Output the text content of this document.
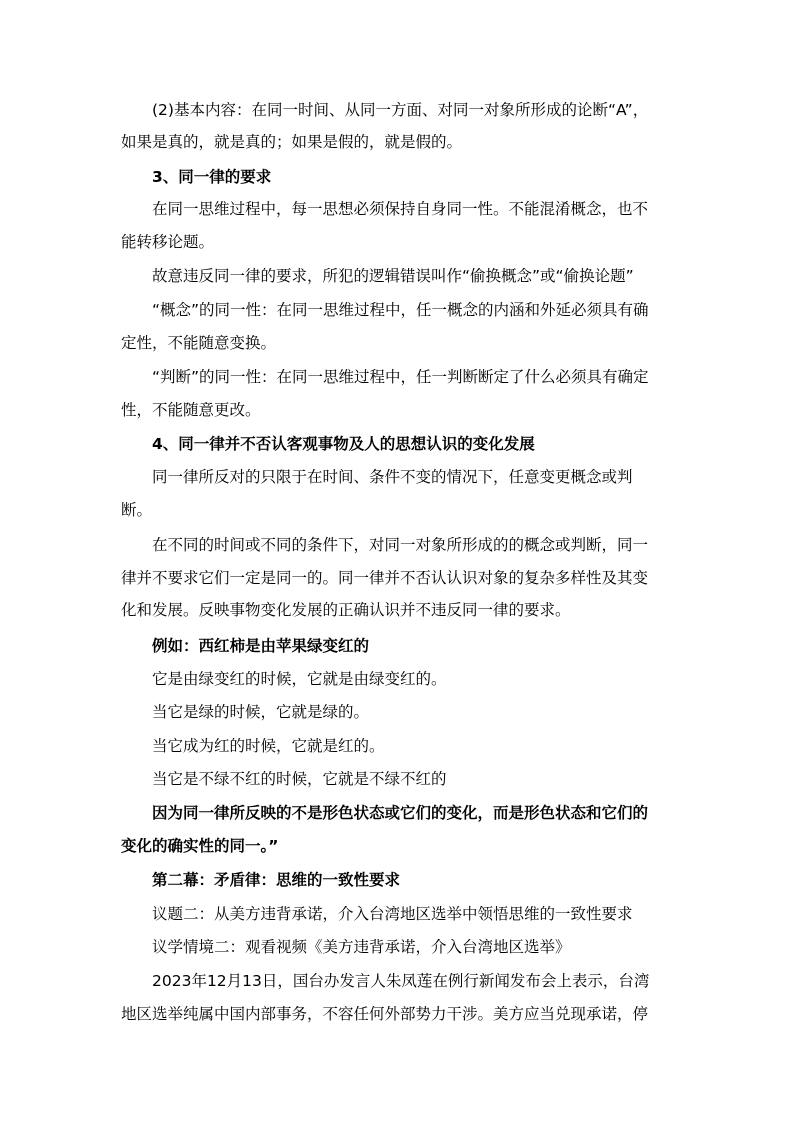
(2)基本内容：在同一时间、从同一方面、对同一对象所形成的论断“A”，

如果是真的，就是真的；如果是假的，就是假的。

3、同一律的要求

在同一思维过程中，每一思想必须保持自身同一性。不能混淆概念，也不

能转移论题。

故意违反同一律的要求，所犯的逻辑错误叫作“偷换概念”或“偷换论题”

“概念”的同一性：在同一思维过程中，任一概念的内涵和外延必须具有确

定性，不能随意变换。

“判断”的同一性：在同一思维过程中，任一判断断定了什么必须具有确定

性，不能随意更改。

4、同一律并不否认客观事物及人的思想认识的变化发展

同一律所反对的只限于在时间、条件不变的情况下，任意变更概念或判

断。

在不同的时间或不同的条件下，对同一对象所形成的的概念或判断，同一

律并不要求它们一定是同一的。同一律并不否认认识对象的复杂多样性及其变
化和发展。反映事物变化发展的正确认识并不违反同一律的要求。

例如：西红柿是由苹果绿变红的

它是由绿变红的时候，它就是由绿变红的。

当它是绿的时候，它就是绿的。

当它成为红的时候，它就是红的。

当它是不绿不红的时候，它就是不绿不红的

因为同一律所反映的不是形色状态或它们的变化，而是形色状态和它们的

变化的确实性的同一。”

第二幕：矛盾律：思维的一致性要求

议题二：从美方违背承诺，介入台湾地区选举中领悟思维的一致性要求

议学情境二：观看视频《美方违背承诺，介入台湾地区选举》

2023年12月13日，国台办发言人朱凤莲在例行新闻发布会上表示，台湾

地区选举纯属中国内部事务，不容任何外部势力干涉。美方应当兑现承诺，停
